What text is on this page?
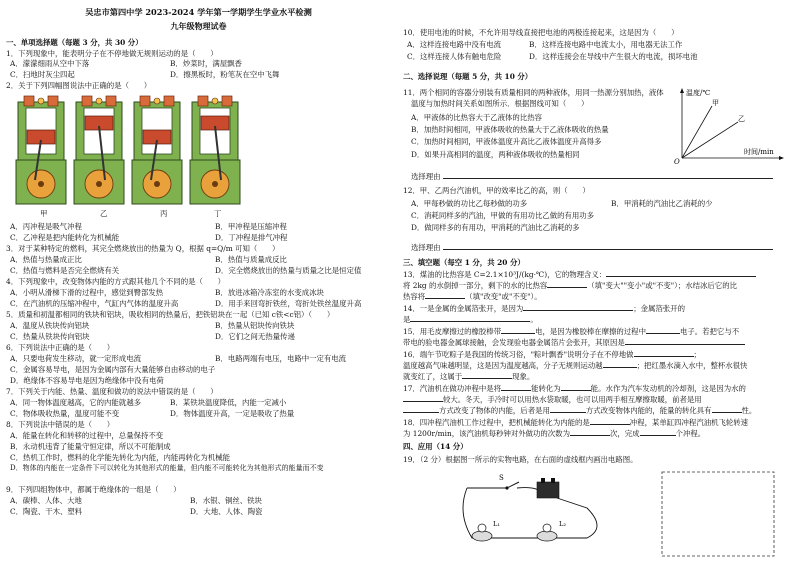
吴忠市第四中学 2023-2024 学年第一学期学生学业水平检测
九年级物理试卷
一、单项选择题（每题 3 分，共 30 分）
1．下列现象中，能表明分子在不停地做无规则运动的是（　　）
A．濛濛细雨从空中下落	B．炒菜时，满屋飘香
C．扫地时灰尘四起	D．擦黑板时，粉笔灰在空中飞舞
2．关于下列四幅图说法中正确的是（　　）
甲	乙	丙	丁
A．丙冲程是吸气冲程	B．甲冲程是压缩冲程
C．乙冲程是把内能转化为机械能	D．丁冲程是排气冲程
3．对于某种特定的燃料，其完全燃烧放出的热量为 Q，根据 q=Q/m 可知（　　）
A．热值与热量成正比	B．热值与质量成反比
C．热值与燃料是否完全燃烧有关	D．完全燃烧放出的热量与质量之比是恒定值
4．下列现象中，改变物体内能的方式跟其他几个不同的是（　　）
A．小明从滑梯下滑的过程中，感觉到臀部发热	B．放进冰箱冷冻室的水变成冰块
C．在汽油机的压缩冲程中，气缸内气体的温度升高	D．用手来回弯折铁丝，弯折处铁丝温度升高
5．质量和初温都相同的铁块和铝块，吸收相同的热量后，把铁铝块在一起（已知 c铁<c铝）（　　）
A．温度从铁块传向铝块	B．热量从铝块传向铁块
C．热量从铁块传向铝块	D．它们之间无热量传递
6．下列说法中正确的是（　　）
A．只要电荷发生移动，就一定形成电流	B．电路两端有电压，电路中一定有电流
C．金属容易导电，是因为金属内部有大量能够自由移动的电子
D．绝缘体不容易导电是因为绝缘体中没有电荷
7．下列关于内能、热量、温度和做功的说法中错误的是（　　）
A．同一物体温度越高，它的内能就越多	B．某铁块温度降低，内能一定减小
C．物体吸收热量，温度可能不变	D．物体温度升高，一定是吸收了热量
8．下列说法中错误的是（　　）
A．能量在转化和转移的过程中，总量保持不变
B．永动机违背了能量守恒定律，所以不可能制成
C．热机工作时，燃料的化学能先转化为内能，内能再转化为机械能
D．物体的内能在一定条件下可以转化为其他形式的能量，但内能不可能转化为其他形式的能量而不变
9．下列四组物体中，都属于绝缘体的一组是（　　）
A．碳棒、人体、大地	B．水银、铜丝、铁块
C．陶瓷、干木、塑料	D．大地、人体、陶瓷
10．使用电池的时候，不允许用导线直接把电池的两极连接起来，这是因为（　　）
A．这样连接电路中没有电流	B．这样连接电路中电流太小，用电器无法工作
C．这样连接人体有触电危险	D．这样连接会在导线中产生很大的电流，损坏电池
二、选择说理（每题 5 分，共 10 分）
11．两个相同的容器分别装有质量相同的两种液体，用同一热源分别加热，液体
温度与加热时间关系如图所示．根据图线可知（　　）
A．甲液体的比热容大于乙液体的比热容
B．加热时间相同，甲液体吸收的热量大于乙液体吸收的热量
C．加热时间相同，甲液体温度升高比乙液体温度升高得多
D．如果升高相同的温度，两种液体吸收的热量相同
选择理由
温度/℃
时间/min
O
甲
乙
12．甲、乙两台汽油机，甲的效率比乙的高，则（　　）
A．甲每秒做的功比乙每秒做的功多	B．甲消耗的汽油比乙消耗的少
C．消耗同样多的汽油，甲做的有用功比乙做的有用功多
D．做同样多的有用功，甲消耗的汽油比乙消耗的多
选择理由
三、填空题（每空 1 分，共 20 分）
13．煤油的比热容是 C=2.1×10³J/(kg·℃)，它的物理含义：
将 2kg 的水倒掉一部分，剩下的水的比热容	（填"变大""变小"或"不变"）；水结冰后它的比
热容将	（填"改变"或"不变"）。
14．一是金属的金属箔张开，是因为	；金属箔张开的
是	。
15．用毛皮摩擦过的橡胶棒带	电，是因为橡胶棒在摩擦的过程中	电子。若把它与不
带电的验电器金属球接触，会发现验电器金属箔片会张开，其原因是
16．端午节吃粽子是我国的传统习俗，"粽叶飘香"说明分子在不停地做	；
温度越高气味越明显，这是因为温度越高，分子无规则运动越	；把红墨水滴入水中，整杯水很快
就变红了，这属于	现象。
17．汽油机在做功冲程中是将	能转化为	能。水作为汽车发动机的冷却剂，这是因为水的
较大。冬天，手冷时可以用热水袋取暖，也可以用两手相互摩擦取暖，前者是用
方式改变了物体的内能，后者是用	方式改变物体内能的，能量的转化具有	性。
18．四冲程汽油机工作过程中，把机械能转化为内能的是	冲程，某单缸四冲程汽油机飞轮转速
为 1200r/min，该汽油机每秒钟对外做功的次数为	次，完成	个冲程。
四、应用（14 分）
19．（2 分）根据图一所示的实物电路，在右面的虚线框内画出电路图。
S
L₁	L₂
